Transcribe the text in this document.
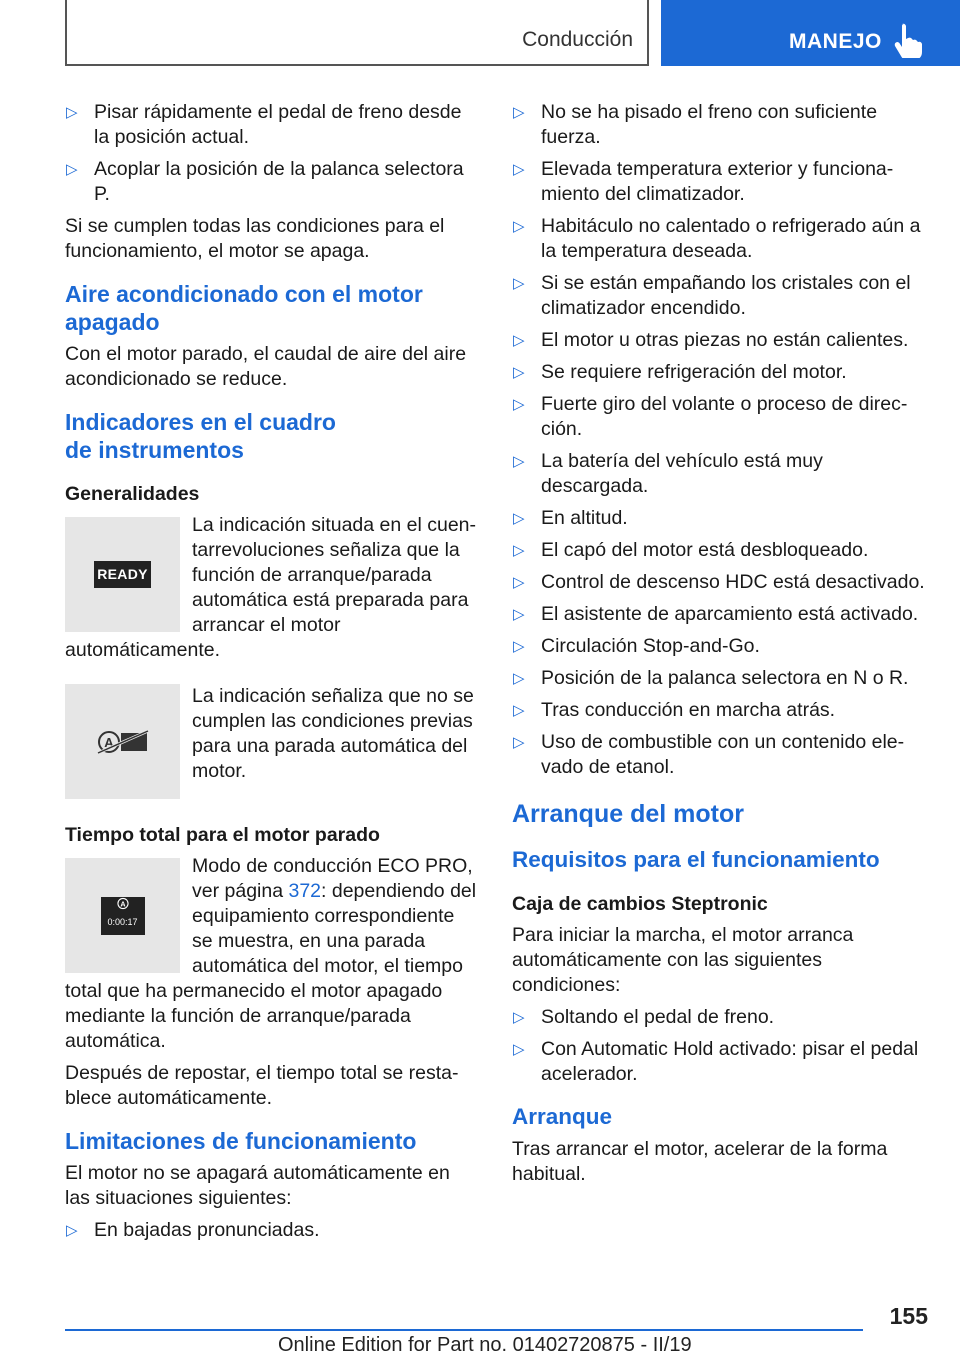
Conducción	MANEJO
▷ Pisar rápidamente el pedal de freno desde la posición actual.
▷ Acoplar la posición de la palanca selectora P.

Si se cumplen todas las condiciones para el funcionamiento, el motor se apaga.

Aire acondicionado con el motor apagado

Con el motor parado, el caudal de aire del aire acondicionado se reduce.

Indicadores en el cuadro de instrumentos
Generalidades
READY

La indicación situada en el cuentarrevoluciones señaliza que la función de arranque/parada automática está preparada para arrancar el motor automáticamente.

A

La indicación señaliza que no se cumplen las condiciones previas para una parada automática del motor.

Tiempo total para el motor parado
A
0:00:17

Modo de conducción ECO PRO, ver página 372: dependiendo del equipamiento correspondiente se muestra, en una parada automática del motor, el tiempo total que ha permanecido el motor apagado mediante la función de arranque/parada automática.

Después de repostar, el tiempo total se restablece automáticamente.

Limitaciones de funcionamiento

El motor no se apagará automáticamente en las situaciones siguientes:

▷ En bajadas pronunciadas.
▷ No se ha pisado el freno con suficiente fuerza.
▷ Elevada temperatura exterior y funcionamiento del climatizador.
▷ Habitáculo no calentado o refrigerado aún a la temperatura deseada.
▷ Si se están empañando los cristales con el climatizador encendido.
▷ El motor u otras piezas no están calientes.
▷ Se requiere refrigeración del motor.
▷ Fuerte giro del volante o proceso de dirección.
▷ La batería del vehículo está muy descargada.
▷ En altitud.
▷ El capó del motor está desbloqueado.
▷ Control de descenso HDC está desactivado.
▷ El asistente de aparcamiento está activado.
▷ Circulación Stop-and-Go.
▷ Posición de la palanca selectora en N o R.
▷ Tras conducción en marcha atrás.
▷ Uso de combustible con un contenido elevado de etanol.
Arranque del motor
Requisitos para el funcionamiento
Caja de cambios Steptronic

Para iniciar la marcha, el motor arranca automáticamente con las siguientes condiciones:

▷ Soltando el pedal de freno.
▷ Con Automatic Hold activado: pisar el pedal acelerador.
Arranque

Tras arrancar el motor, acelerar de la forma habitual.

155
Online Edition for Part no. 01402720875 - II/19
